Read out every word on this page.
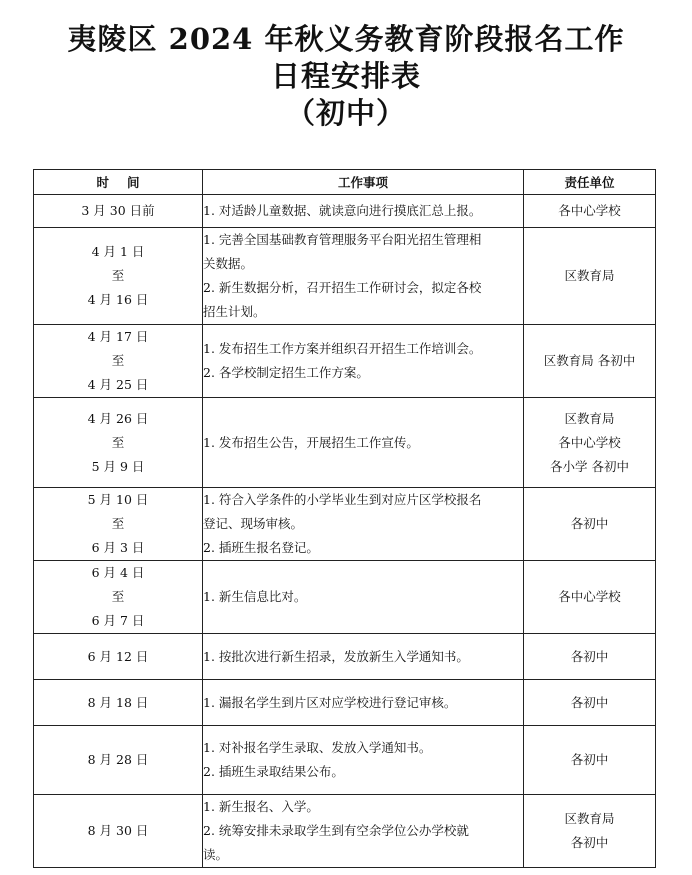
夷陵区 2024 年秋义务教育阶段报名工作
日程安排表
（初中）
时间	工作事项	责任单位

3 月 30 日前	1. 对适龄儿童数据、就读意向进行摸底汇总上报。	各中心学校

4 月 1 日
至
4 月 16 日	1. 完善全国基础教育管理服务平台阳光招生管理相
关数据。
2. 新生数据分析，召开招生工作研讨会，拟定各校
招生计划。	区教育局

4 月 17 日
至
4 月 25 日	1. 发布招生工作方案并组织召开招生工作培训会。
2. 各学校制定招生工作方案。	区教育局 各初中

4 月 26 日
至
5 月 9 日	1. 发布招生公告，开展招生工作宣传。	区教育局
各中心学校
各小学 各初中

5 月 10 日
至
6 月 3 日	1. 符合入学条件的小学毕业生到对应片区学校报名
登记、现场审核。
2. 插班生报名登记。	各初中

6 月 4 日
至
6 月 7 日	1. 新生信息比对。	各中心学校

6 月 12 日	1. 按批次进行新生招录，发放新生入学通知书。	各初中

8 月 18 日	1. 漏报名学生到片区对应学校进行登记审核。	各初中

8 月 28 日	1. 对补报名学生录取、发放入学通知书。
2. 插班生录取结果公布。	各初中

8 月 30 日	1. 新生报名、入学。
2. 统筹安排未录取学生到有空余学位公办学校就
读。	区教育局
各初中
